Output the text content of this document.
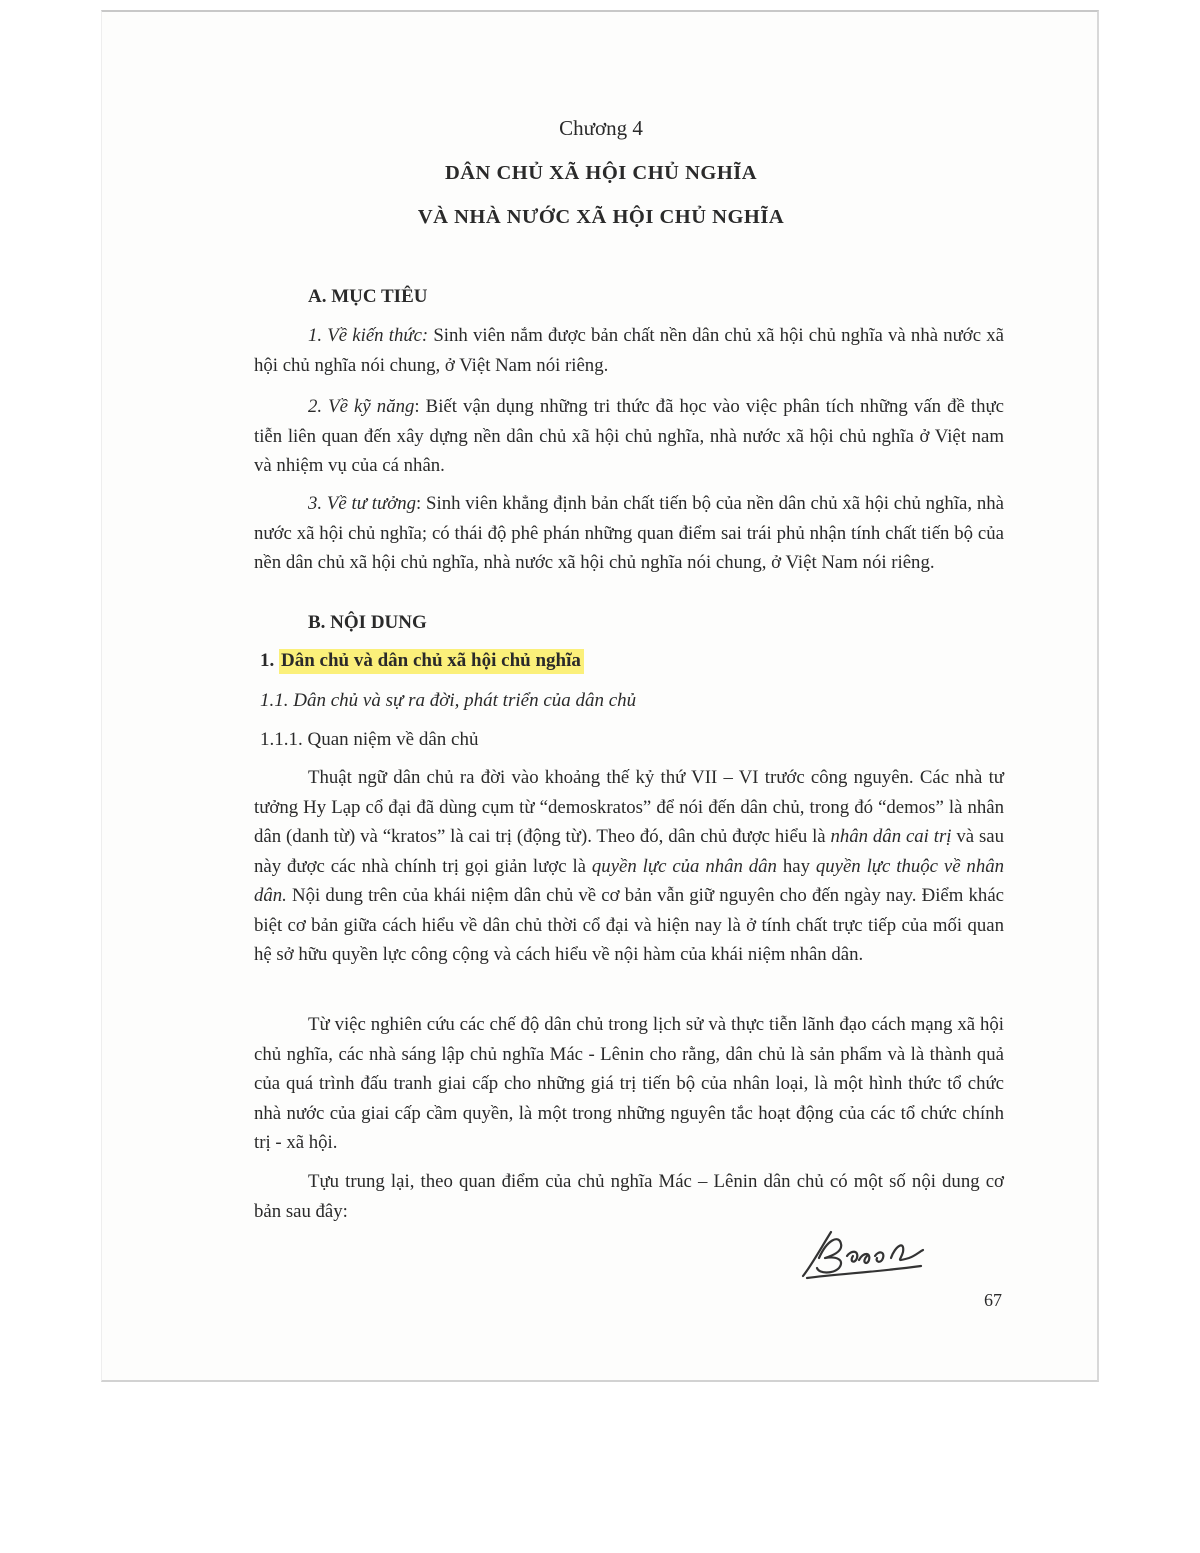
Chương 4
DÂN CHỦ XÃ HỘI CHỦ NGHĨA
VÀ NHÀ NƯỚC XÃ HỘI CHỦ NGHĨA
A. MỤC TIÊU

1. Về kiến thức: Sinh viên nắm được bản chất nền dân chủ xã hội chủ nghĩa và nhà nước xã hội chủ nghĩa nói chung, ở Việt Nam nói riêng.

2. Về kỹ năng: Biết vận dụng những tri thức đã học vào việc phân tích những vấn đề thực tiễn liên quan đến xây dựng nền dân chủ xã hội chủ nghĩa, nhà nước xã hội chủ nghĩa ở Việt nam và nhiệm vụ của cá nhân.

3. Về tư tưởng: Sinh viên khẳng định bản chất tiến bộ của nền dân chủ xã hội chủ nghĩa, nhà nước xã hội chủ nghĩa; có thái độ phê phán những quan điểm sai trái phủ nhận tính chất tiến bộ của nền dân chủ xã hội chủ nghĩa, nhà nước xã hội chủ nghĩa nói chung, ở Việt Nam nói riêng.

B. NỘI DUNG
1. Dân chủ và dân chủ xã hội chủ nghĩa
1.1. Dân chủ và sự ra đời, phát triển của dân chủ
1.1.1. Quan niệm về dân chủ

Thuật ngữ dân chủ ra đời vào khoảng thế kỷ thứ VII – VI trước công nguyên. Các nhà tư tưởng Hy Lạp cổ đại đã dùng cụm từ “demoskratos” để nói đến dân chủ, trong đó “demos” là nhân dân (danh từ) và “kratos” là cai trị (động từ). Theo đó, dân chủ được hiểu là nhân dân cai trị và sau này được các nhà chính trị gọi giản lược là quyền lực của nhân dân hay quyền lực thuộc về nhân dân. Nội dung trên của khái niệm dân chủ về cơ bản vẫn giữ nguyên cho đến ngày nay. Điểm khác biệt cơ bản giữa cách hiểu về dân chủ thời cổ đại và hiện nay là ở tính chất trực tiếp của mối quan hệ sở hữu quyền lực công cộng và cách hiểu về nội hàm của khái niệm nhân dân.

Từ việc nghiên cứu các chế độ dân chủ trong lịch sử và thực tiễn lãnh đạo cách mạng xã hội chủ nghĩa, các nhà sáng lập chủ nghĩa Mác - Lênin cho rằng, dân chủ là sản phẩm và là thành quả của quá trình đấu tranh giai cấp cho những giá trị tiến bộ của nhân loại, là một hình thức tổ chức nhà nước của giai cấp cầm quyền, là một trong những nguyên tắc hoạt động của các tổ chức chính trị - xã hội.

Tựu trung lại, theo quan điểm của chủ nghĩa Mác – Lênin dân chủ có một số nội dung cơ bản sau đây:

67
